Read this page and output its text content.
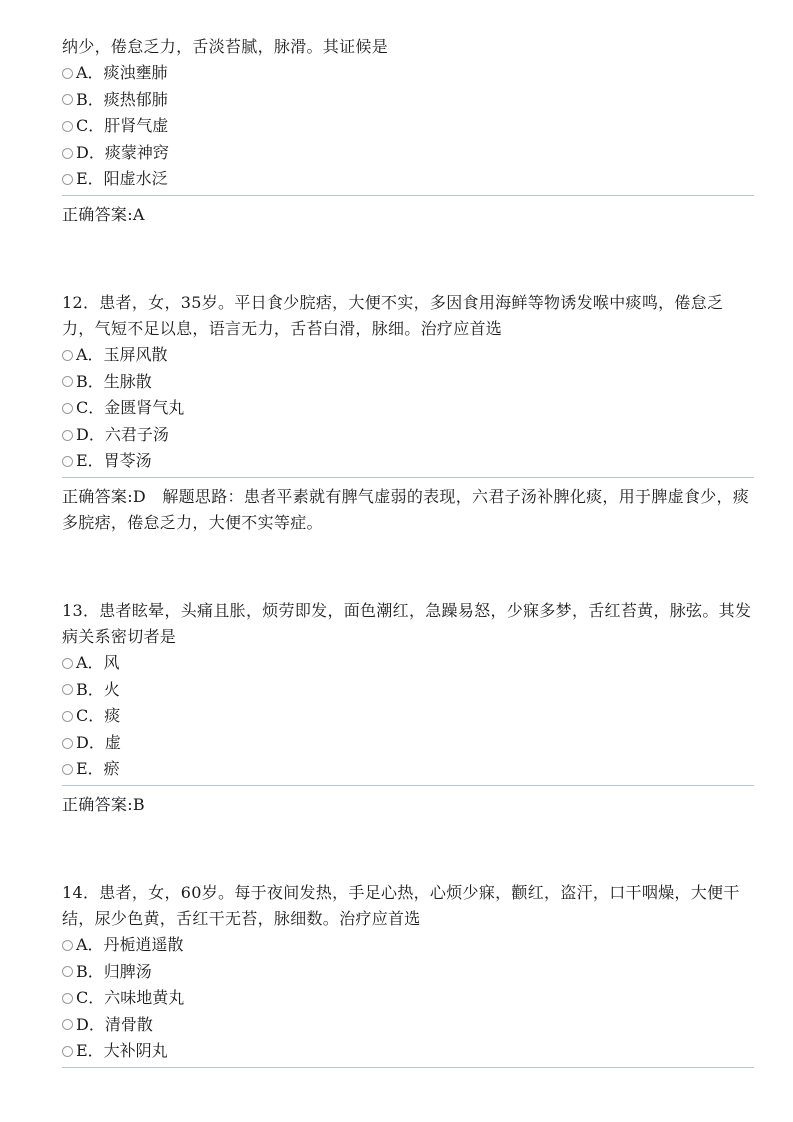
纳少，倦怠乏力，舌淡苔腻，脉滑。其证候是

A．痰浊壅肺
B．痰热郁肺
C．肝肾气虚
D．痰蒙神窍
E．阳虚水泛

正确答案:A

12．患者，女，35岁。平日食少脘痞，大便不实，多因食用海鲜等物诱发喉中痰鸣，倦怠乏力，气短不足以息，语言无力，舌苔白滑，脉细。治疗应首选

A．玉屏风散
B．生脉散
C．金匮肾气丸
D．六君子汤
E．胃苓汤

正确答案:D　解题思路：患者平素就有脾气虚弱的表现，六君子汤补脾化痰，用于脾虚食少，痰多脘痞，倦怠乏力，大便不实等症。

13．患者眩晕，头痛且胀，烦劳即发，面色潮红，急躁易怒，少寐多梦，舌红苔黄，脉弦。其发病关系密切者是

A．风
B．火
C．痰
D．虚
E．瘀

正确答案:B

14．患者，女，60岁。每于夜间发热，手足心热，心烦少寐，颧红，盗汗，口干咽燥，大便干结，尿少色黄，舌红干无苔，脉细数。治疗应首选

A．丹栀逍遥散
B．归脾汤
C．六味地黄丸
D．清骨散
E．大补阴丸
